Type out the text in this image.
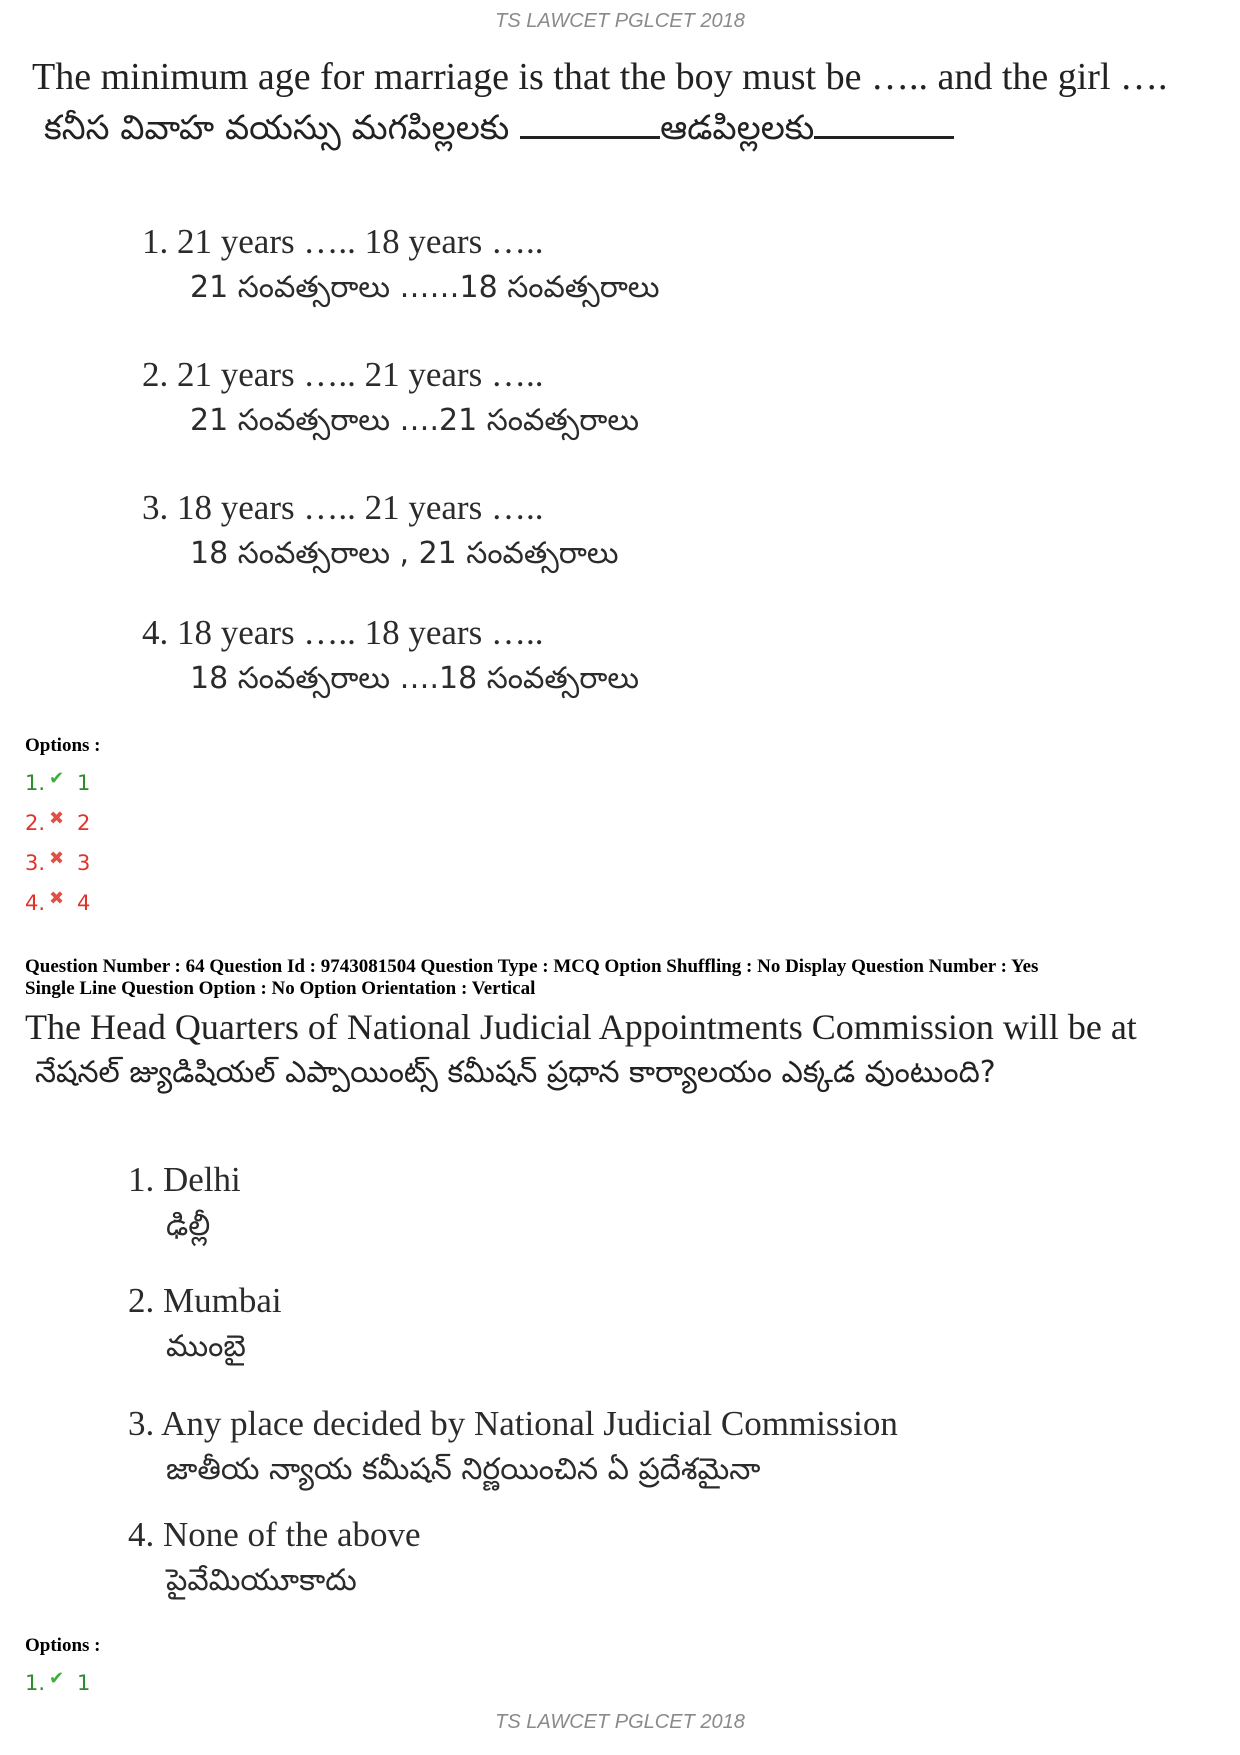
TS LAWCET PGLCET 2018
The minimum age for marriage is that the boy must be ….. and the girl ….
కనీస వివాహ వయస్సు మగపిల్లలకు	ఆడపిల్లలకు
1. 21 years ….. 18 years …..
21 సంవత్సరాలు ……18 సంవత్సరాలు
2. 21 years ….. 21 years …..
21 సంవత్సరాలు ….21 సంవత్సరాలు
3. 18 years ….. 21 years …..
18 సంవత్సరాలు , 21 సంవత్సరాలు
4. 18 years ….. 18 years …..
18 సంవత్సరాలు ….18 సంవత్సరాలు
Options :
1. ✔ 1
2. ✖ 2
3. ✖ 3
4. ✖ 4
Question Number : 64 Question Id : 9743081504 Question Type : MCQ Option Shuffling : No Display Question Number : Yes
Single Line Question Option : No Option Orientation : Vertical
The Head Quarters of National Judicial Appointments Commission will be at
నేషనల్ జ్యుడిషియల్ ఎప్పాయింట్స్ కమీషన్ ప్రధాన కార్యాలయం ఎక్కడ వుంటుంది?
1. Delhi
ఢిల్లీ
2. Mumbai
ముంబై
3. Any place decided by National Judicial Commission
జాతీయ న్యాయ కమీషన్ నిర్ణయించిన ఏ ప్రదేశమైనా
4. None of the above
పైవేమియూకాదు
Options :
1. ✔ 1
TS LAWCET PGLCET 2018
